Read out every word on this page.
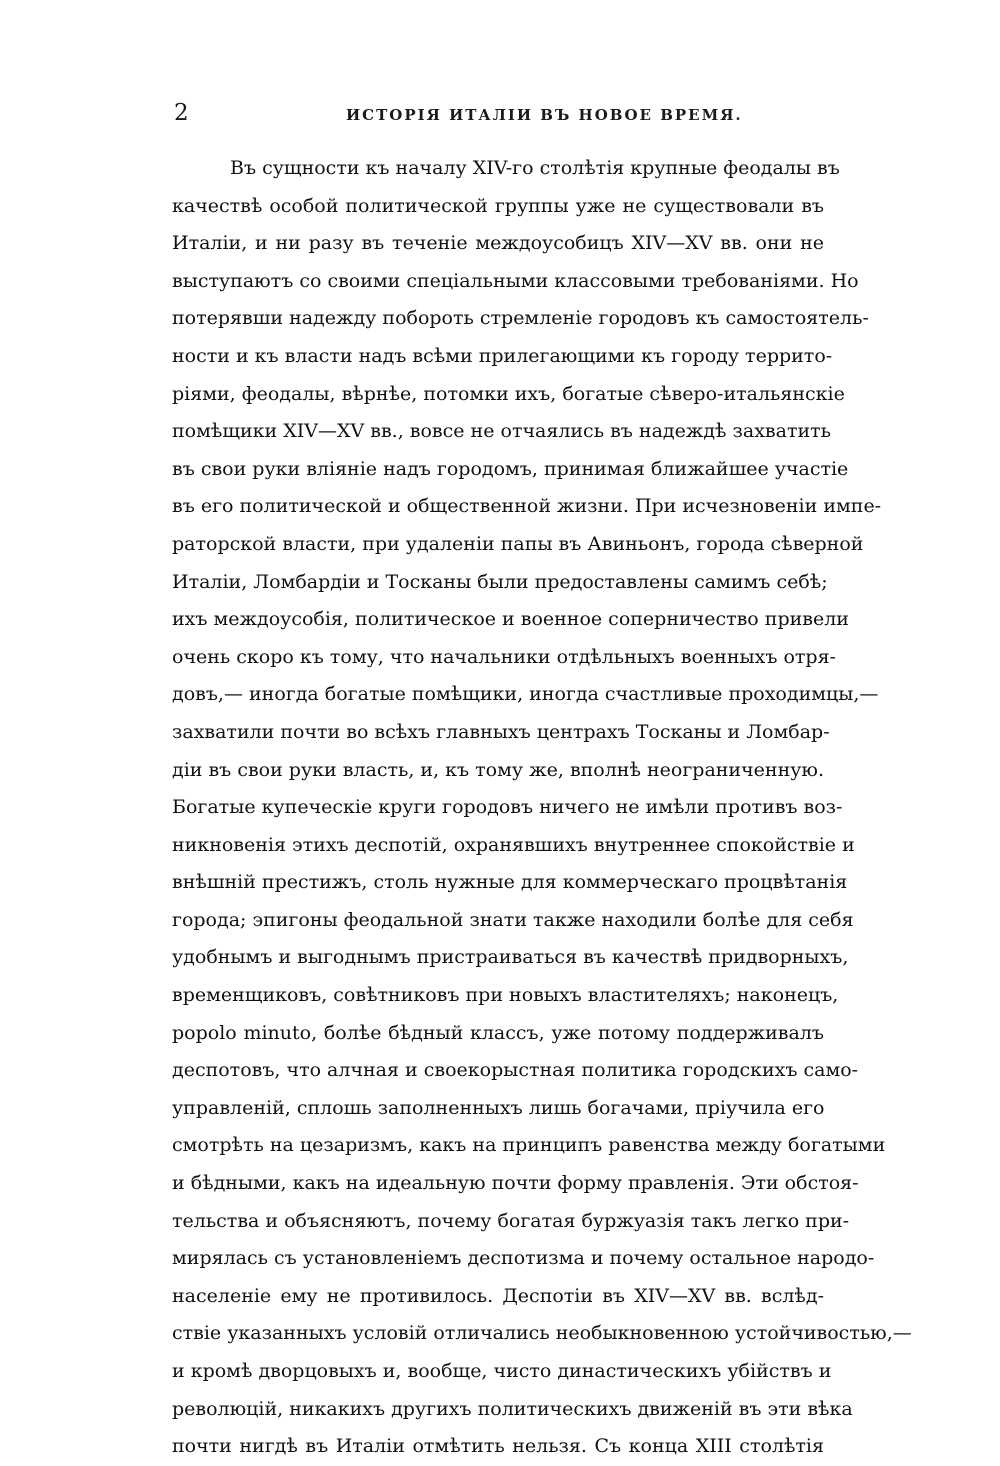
2	ИСТОРІЯ ИТАЛІИ ВЪ НОВОЕ ВРЕМЯ.
Въ сущности къ началу XIV-го столѣтія крупные феодалы въ
качествѣ особой политической группы уже не существовали въ
Италіи, и ни разу въ теченіе междоусобицъ XIV—XV вв. они не
выступаютъ со своими спеціальными классовыми требованіями. Но
потерявши надежду побороть стремленіе городовъ къ самостоятель-
ности и къ власти надъ всѣми прилегающими къ городу террито-
ріями, феодалы, вѣрнѣе, потомки ихъ, богатые сѣверо-итальянскіе
помѣщики XIV—XV вв., вовсе не отчаялись въ надеждѣ захватить
въ свои руки вліяніе надъ городомъ, принимая ближайшее участіе
въ его политической и общественной жизни. При исчезновеніи импе-
раторской власти, при удаленіи папы въ Авиньонъ, города сѣверной
Италіи, Ломбардіи и Тосканы были предоставлены самимъ себѣ;
ихъ междоусобія, политическое и военное соперничество привели
очень скоро къ тому, что начальники отдѣльныхъ военныхъ отря-
довъ,— иногда богатые помѣщики, иногда счастливые проходимцы,—
захватили почти во всѣхъ главныхъ центрахъ Тосканы и Ломбар-
діи въ свои руки власть, и, къ тому же, вполнѣ неограниченную.
Богатые купеческіе круги городовъ ничего не имѣли противъ воз-
никновенія этихъ деспотій, охранявшихъ внутреннее спокойствіе и
внѣшній престижъ, столь нужные для коммерческаго процвѣтанія
города; эпигоны феодальной знати также находили болѣе для себя
удобнымъ и выгоднымъ пристраиваться въ качествѣ придворныхъ,
временщиковъ, совѣтниковъ при новыхъ властителяхъ; наконецъ,
popolo minuto, болѣе бѣдный классъ, уже потому поддерживалъ
деспотовъ, что алчная и своекорыстная политика городскихъ само-
управленій, сплошь заполненныхъ лишь богачами, пріучила его
смотрѣть на цезаризмъ, какъ на принципъ равенства между богатыми
и бѣдными, какъ на идеальную почти форму правленія. Эти обстоя-
тельства и объясняютъ, почему богатая буржуазія такъ легко при-
мирялась съ установленіемъ деспотизма и почему остальное народо-
населеніе ему не противилось. Деспотіи въ XIV—XV вв. вслѣд-
ствіе указанныхъ условій отличались необыкновенною устойчивостью,—
и кромѣ дворцовыхъ и, вообще, чисто династическихъ убійствъ и
революцій, никакихъ другихъ политическихъ движеній въ эти вѣка
почти нигдѣ въ Италіи отмѣтить нельзя. Съ конца XIII столѣтія
